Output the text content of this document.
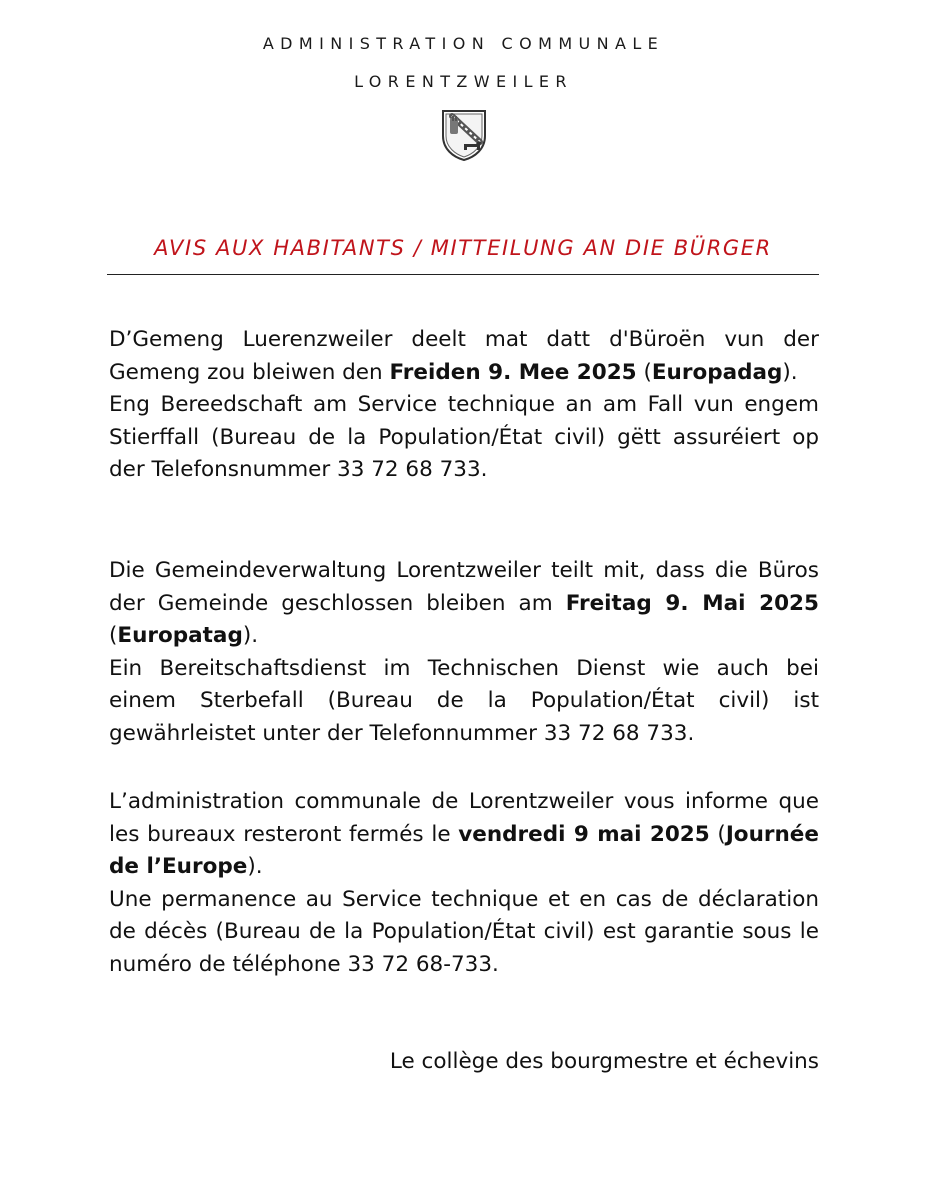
ADMINISTRATION COMMUNALE
LORENTZWEILER
AVIS AUX HABITANTS / MITTEILUNG AN DIE BÜRGER

D’Gemeng Luerenzweiler deelt mat datt d'Büroën vun der Gemeng zou bleiwen den Freiden 9. Mee 2025 (Europadag).

Eng Bereedschaft am Service technique an am Fall vun engem Stierffall (Bureau de la Population/État civil) gëtt assuréiert op der Telefonsnummer 33 72 68 733.

Die Gemeindeverwaltung Lorentzweiler teilt mit, dass die Büros der Gemeinde geschlossen bleiben am Freitag 9. Mai 2025 (Europatag).

Ein Bereitschaftsdienst im Technischen Dienst wie auch bei einem Sterbefall (Bureau de la Population/État civil) ist gewährleistet unter der Telefonnummer 33 72 68 733.

L’administration communale de Lorentzweiler vous informe que les bureaux resteront fermés le vendredi 9 mai 2025 (Journée de l’Europe).

Une permanence au Service technique et en cas de déclaration de décès (Bureau de la Population/État civil) est garantie sous le numéro de téléphone 33 72 68-733.

Le collège des bourgmestre et échevins
